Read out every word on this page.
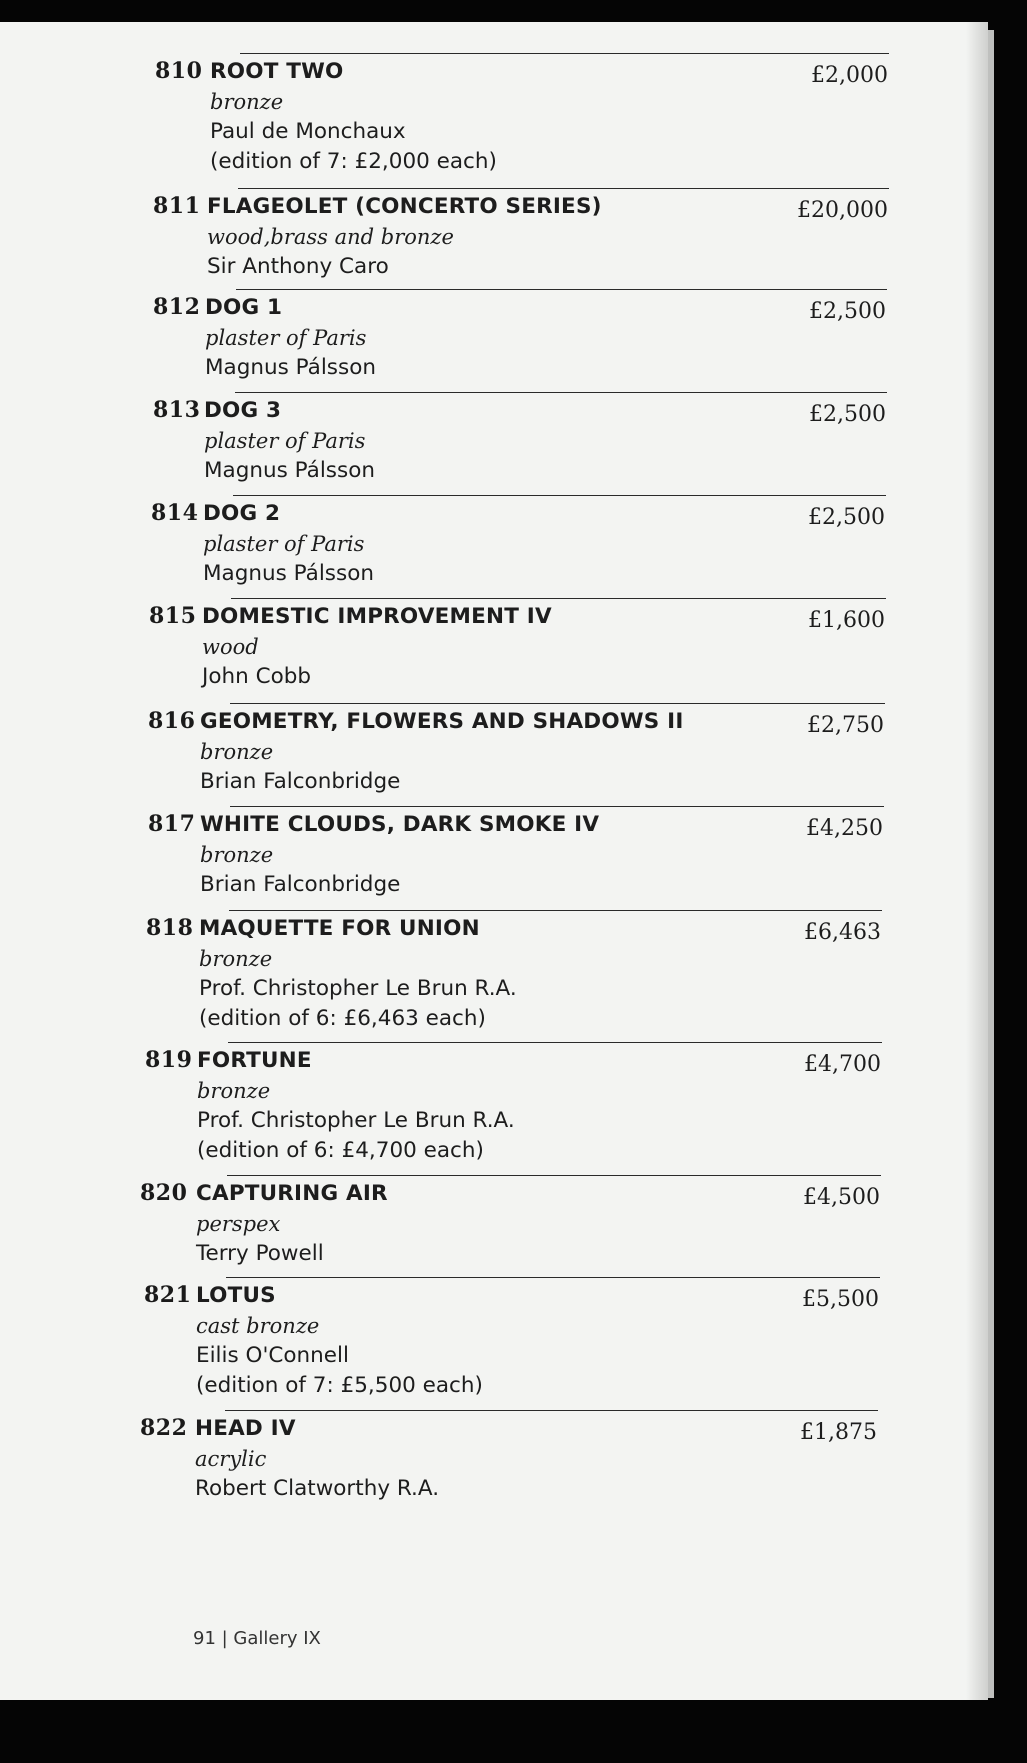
810 ROOT TWO
bronze
Paul de Monchaux
(edition of 7: £2,000 each)
£2,000
811 FLAGEOLET (CONCERTO SERIES)
wood,brass and bronze
Sir Anthony Caro
£20,000
812 DOG 1
plaster of Paris
Magnus Pálsson
£2,500
813 DOG 3
plaster of Paris
Magnus Pálsson
£2,500
814 DOG 2
plaster of Paris
Magnus Pálsson
£2,500
815 DOMESTIC IMPROVEMENT IV
wood
John Cobb
£1,600
816 GEOMETRY, FLOWERS AND SHADOWS II
bronze
Brian Falconbridge
£2,750
817 WHITE CLOUDS, DARK SMOKE IV
bronze
Brian Falconbridge
£4,250
818 MAQUETTE FOR UNION
bronze
Prof. Christopher Le Brun R.A.
(edition of 6: £6,463 each)
£6,463
819 FORTUNE
bronze
Prof. Christopher Le Brun R.A.
(edition of 6: £4,700 each)
£4,700
820 CAPTURING AIR
perspex
Terry Powell
£4,500
821 LOTUS
cast bronze
Eilis O'Connell
(edition of 7: £5,500 each)
£5,500
822 HEAD IV
acrylic
Robert Clatworthy R.A.
£1,875
91 | Gallery IX
